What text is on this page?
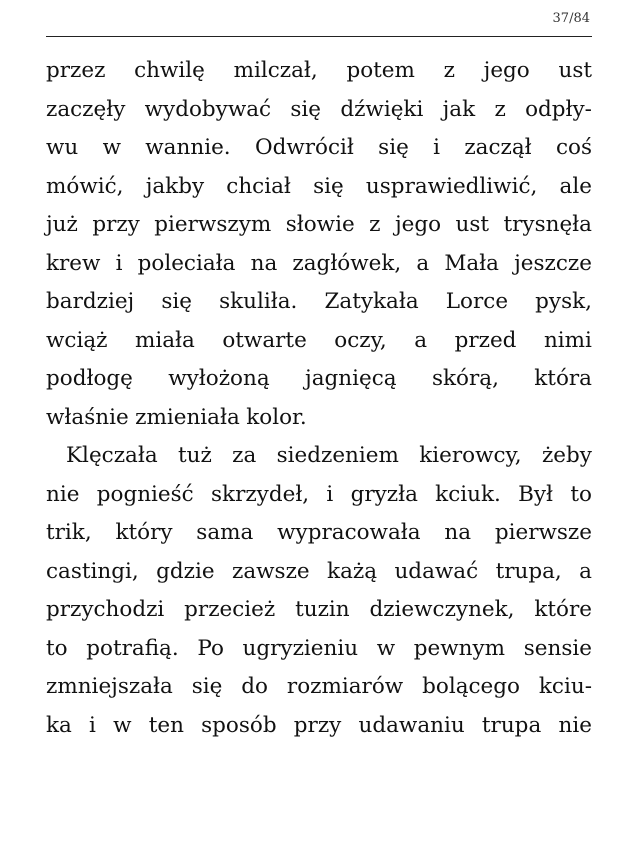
37/84
przez chwilę milczał, potem z jego ust
zaczęły wydobywać się dźwięki jak z odpły-
wu w wannie. Odwrócił się i zaczął coś
mówić, jakby chciał się usprawiedliwić, ale
już przy pierwszym słowie z jego ust trysnęła
krew i poleciała na zagłówek, a Mała jeszcze
bardziej się skuliła. Zatykała Lorce pysk,
wciąż miała otwarte oczy, a przed nimi
podłogę wyłożoną jagnięcą skórą, która
właśnie zmieniała kolor.
Klęczała tuż za siedzeniem kierowcy, żeby
nie pognieść skrzydeł, i gryzła kciuk. Był to
trik, który sama wypracowała na pierwsze
castingi, gdzie zawsze każą udawać trupa, a
przychodzi przecież tuzin dziewczynek, które
to potrafią. Po ugryzieniu w pewnym sensie
zmniejszała się do rozmiarów bolącego kciu-
ka i w ten sposób przy udawaniu trupa nie
